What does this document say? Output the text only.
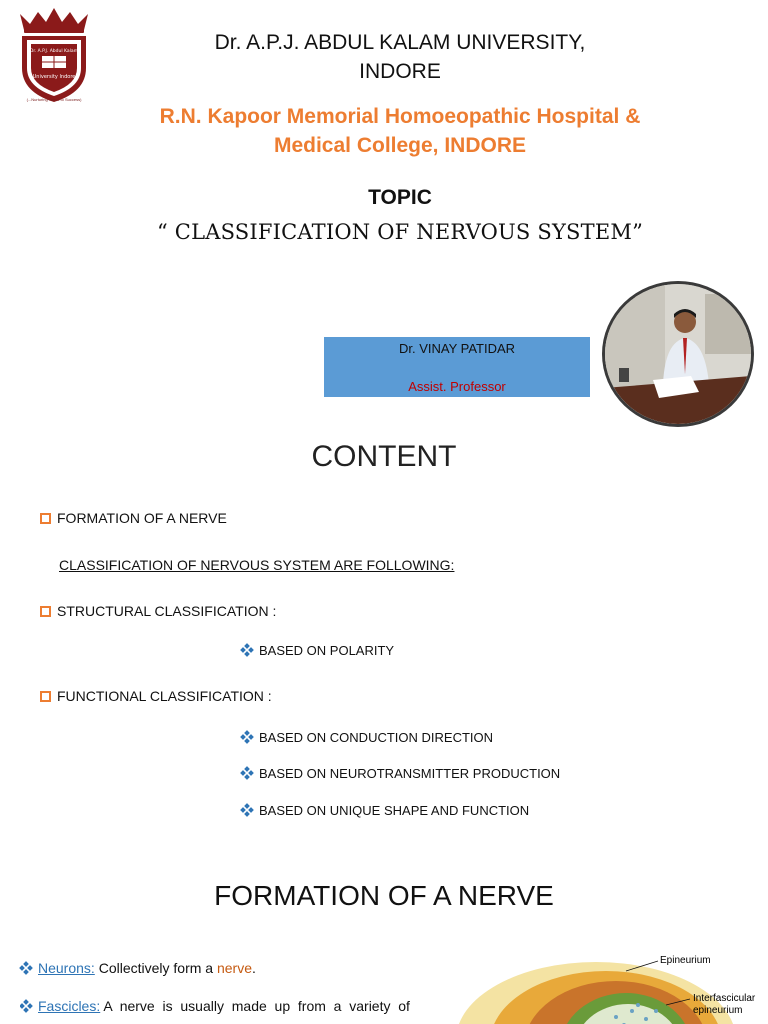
Dr. A.P.J. Abdul Kalam
University Indore
(...Nurturing Talent to Success)
Dr. A.P.J. ABDUL KALAM UNIVERSITY,
INDORE
R.N. Kapoor Memorial Homoeopathic Hospital &
Medical College, INDORE
TOPIC
“ CLASSIFICATION OF NERVOUS SYSTEM”
Dr. VINAY PATIDAR
Assist. Professor
CONTENT
FORMATION OF A NERVE
CLASSIFICATION OF NERVOUS SYSTEM ARE FOLLOWING:
STRUCTURAL CLASSIFICATION :
BASED ON POLARITY
FUNCTIONAL CLASSIFICATION :
BASED ON CONDUCTION DIRECTION
BASED ON NEUROTRANSMITTER PRODUCTION
BASED ON UNIQUE SHAPE AND FUNCTION
FORMATION OF A NERVE
Neurons: Collectively form a nerve.
Fascicles: A  nerve  is  usually  made  up  from  a  variety  of
Epineurium
Interfascicular
epineurium
